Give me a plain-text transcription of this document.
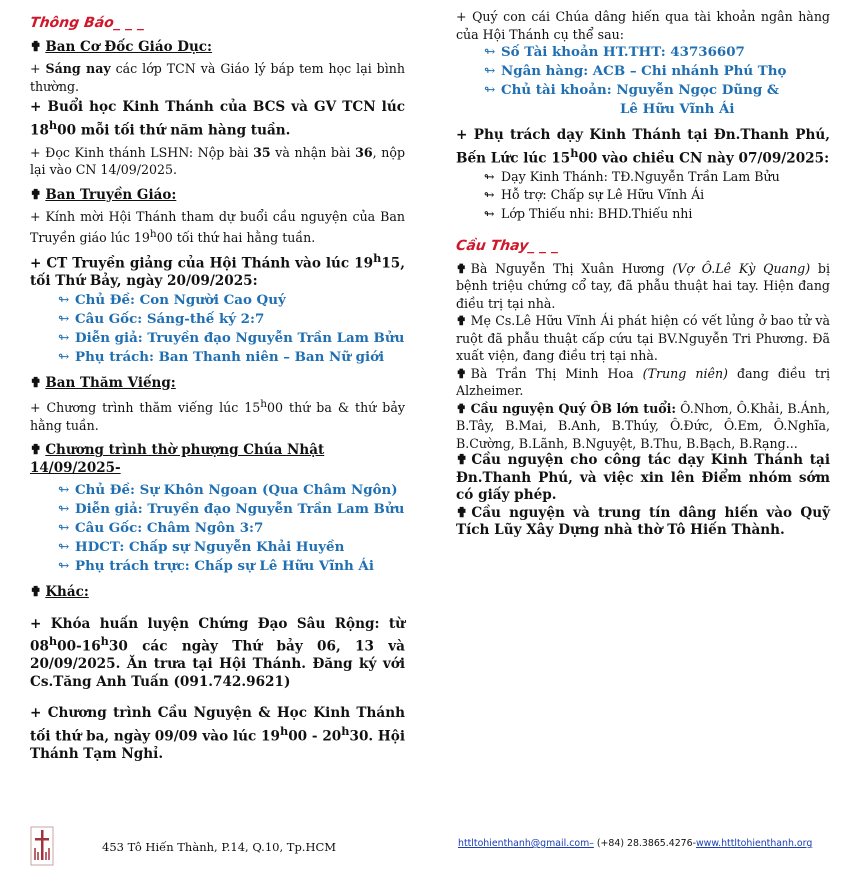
Thông Báo_ _ _

✟ Ban Cơ Đốc Giáo Dục:

+ Sáng nay các lớp TCN và Giáo lý báp tem học lại bình thường.

+ Buổi học Kinh Thánh của BCS và GV TCN lúc 18$^h$00 mỗi tối thứ năm hàng tuần.

+ Đọc Kinh thánh LSHN: Nộp bài 35 và nhận bài 36, nộp lại vào CN 14/09/2025.

✟ Ban Truyền Giáo:

+ Kính mời Hội Thánh tham dự buổi cầu nguyện của Ban Truyền giáo lúc 19$^h$00 tối thứ hai hằng tuần.

+ CT Truyền giảng của Hội Thánh vào lúc 19$^h$15, tối Thứ Bảy, ngày 20/09/2025:

↬ Chủ Đề: Con Người Cao Quý
↬ Câu Gốc: Sáng-thế ký 2:7
↬ Diễn giả: Truyền đạo Nguyễn Trần Lam Bửu
↬ Phụ trách: Ban Thanh niên – Ban Nữ giới

✟ Ban Thăm Viếng:

+ Chương trình thăm viếng lúc 15$^h$00 thứ ba & thứ bảy hằng tuần.

✟ Chương trình thờ phượng Chúa Nhật 14/09/2025-

↬ Chủ Đề: Sự Khôn Ngoan (Qua Châm Ngôn)
↬ Diễn giả: Truyền đạo Nguyễn Trần Lam Bửu
↬ Câu Gốc: Châm Ngôn 3:7
↬ HDCT: Chấp sự Nguyễn Khải Huyền
↬ Phụ trách trực: Chấp sự Lê Hữu Vĩnh Ái

✟ Khác:

+ Khóa huấn luyện Chứng Đạo Sâu Rộng: từ 08$^h$00-16$^h$30 các ngày Thứ bảy 06, 13 và 20/09/2025. Ăn trưa tại Hội Thánh. Đăng ký với Cs.Tăng Anh Tuấn (091.742.9621)

+ Chương trình Cầu Nguyện & Học Kinh Thánh tối thứ ba, ngày 09/09 vào lúc 19$^h$00 - 20$^h$30. Hội Thánh Tạm Nghỉ.

+ Quý con cái Chúa dâng hiến qua tài khoản ngân hàng của Hội Thánh cụ thể sau:

↬ Số Tài khoản HT.THT: 43736607
↬ Ngân hàng: ACB – Chi nhánh Phú Thọ
↬ Chủ tài khoản: Nguyễn Ngọc Dũng &
Lê Hữu Vĩnh Ái

+ Phụ trách dạy Kinh Thánh tại Đn.Thanh Phú, Bến Lức lúc 15$^h$00 vào chiều CN này 07/09/2025:

↬ Dạy Kinh Thánh: TĐ.Nguyễn Trần Lam Bửu
↬ Hỗ trợ: Chấp sự Lê Hữu Vĩnh Ái
↬ Lớp Thiếu nhi: BHD.Thiếu nhi
Cầu Thay_ _ _

✟ Bà Nguyễn Thị Xuân Hương (Vợ Ô.Lê Kỳ Quang) bị bệnh triệu chứng cổ tay, đã phẫu thuật hai tay. Hiện đang điều trị tại nhà.

✟ Mẹ Cs.Lê Hữu Vĩnh Ái phát hiện có vết lủng ở bao tử và ruột đã phẫu thuật cấp cứu tại BV.Nguyễn Tri Phương. Đã xuất viện, đang điều trị tại nhà.

✟ Bà Trần Thị Minh Hoa (Trung niên) đang điều trị Alzheimer.

✟ Cầu nguyện Quý ÔB lớn tuổi: Ô.Nhơn, Ô.Khải, B.Ánh, B.Tây, B.Mai, B.Anh, B.Thúy, Ô.Đức, Ô.Em, Ô.Nghĩa, B.Cường, B.Lãnh, B.Nguyệt, B.Thu, B.Bạch, B.Rạng...

✟ Cầu nguyện cho công tác dạy Kinh Thánh tại Đn.Thanh Phú, và việc xin lên Điểm nhóm sớm có giấy phép.

✟ Cầu nguyện và trung tín dâng hiến vào Quỹ Tích Lũy Xây Dựng nhà thờ Tô Hiến Thành.

453 Tô Hiến Thành, P.14, Q.10, Tp.HCM	httltohienthanh@gmail.com– (+84) 28.3865.4276-www.httltohienthanh.org
